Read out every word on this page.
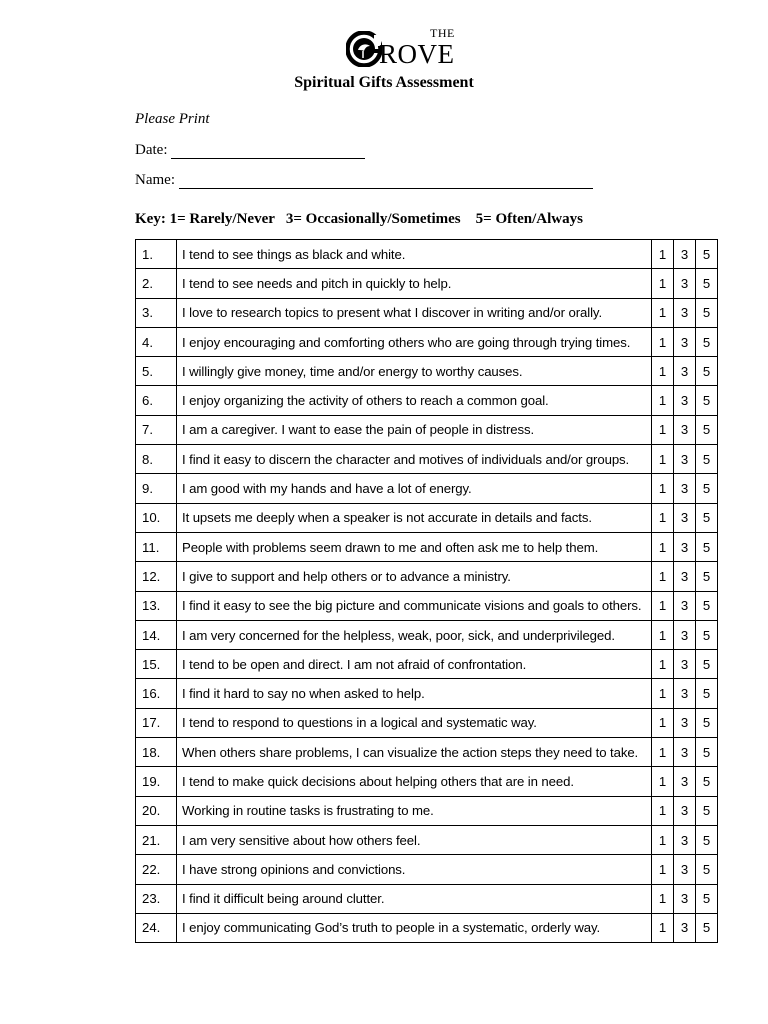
THE
ROVE
Spiritual Gifts Assessment
Please Print
Date:
Name:
Key: 1= Rarely/Never   3= Occasionally/Sometimes    5= Often/Always
1.	I tend to see things as black and white.	1	3	5
2.	I tend to see needs and pitch in quickly to help.	1	3	5
3.	I love to research topics to present what I discover in writing and/or orally.	1	3	5
4.	I enjoy encouraging and comforting others who are going through trying times.	1	3	5
5.	I willingly give money, time and/or energy to worthy causes.	1	3	5
6.	I enjoy organizing the activity of others to reach a common goal.	1	3	5
7.	I am a caregiver. I want to ease the pain of people in distress.	1	3	5
8.	I find it easy to discern the character and motives of individuals and/or groups.	1	3	5
9.	I am good with my hands and have a lot of energy.	1	3	5
10.	It upsets me deeply when a speaker is not accurate in details and facts.	1	3	5
11.	People with problems seem drawn to me and often ask me to help them.	1	3	5
12.	I give to support and help others or to advance a ministry.	1	3	5
13.	I find it easy to see the big picture and communicate visions and goals to others.	1	3	5
14.	I am very concerned for the helpless, weak, poor, sick, and underprivileged.	1	3	5
15.	I tend to be open and direct. I am not afraid of confrontation.	1	3	5
16.	I find it hard to say no when asked to help.	1	3	5
17.	I tend to respond to questions in a logical and systematic way.	1	3	5
18.	When others share problems, I can visualize the action steps they need to take.	1	3	5
19.	I tend to make quick decisions about helping others that are in need.	1	3	5
20.	Working in routine tasks is frustrating to me.	1	3	5
21.	I am very sensitive about how others feel.	1	3	5
22.	I have strong opinions and convictions.	1	3	5
23.	I find it difficult being around clutter.	1	3	5
24.	I enjoy communicating God’s truth to people in a systematic, orderly way.	1	3	5
